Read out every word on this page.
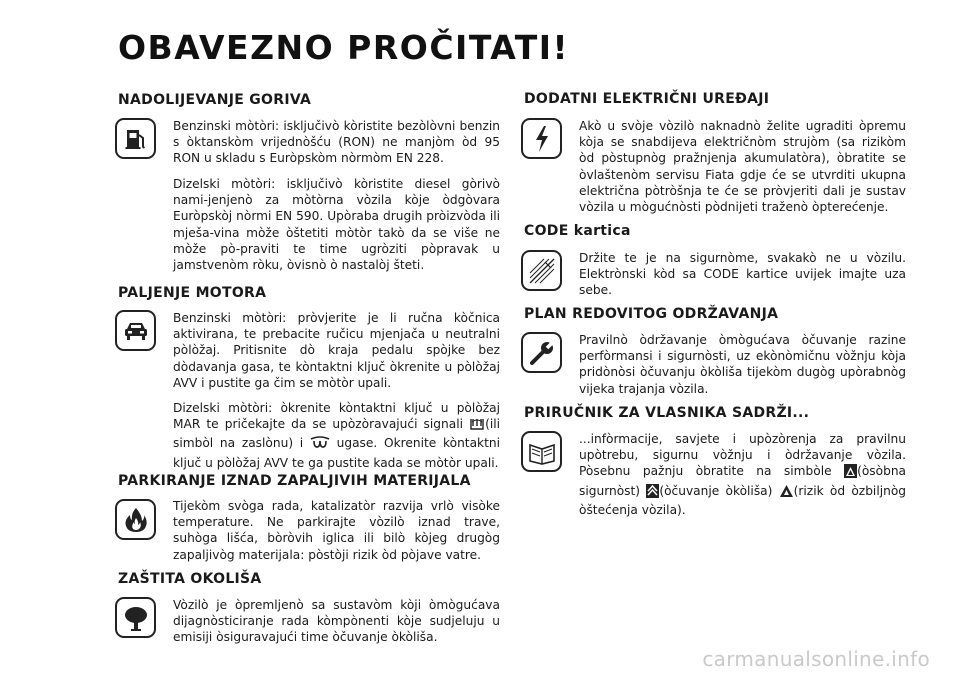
OBAVEZNO PROČITATI!
NADOLIJEVANJE GORIVA
Benzinski mòtòri: isključivò kòristite bezòlòvni benzin s òktanskòm vrijednòšću (RON) ne manjòm òd 95 RON u skladu s Euròpskòm nòrmòm EN 228.
Dizelski mòtòri: isključivò kòristite diesel gòrivò nami-jenjenò za mòtòrna vòzila kòje òdgòvara Euròpskòj nòrmi EN 590. Upòraba drugih pròizvòda ili mješa-vina mòže òštetiti mòtòr takò da se više ne mòže pò-praviti te time ugròziti pòpravak u jamstvenòm ròku, òvisnò ò nastalòj šteti.
PALJENJE MOTORA
Benzinski mòtòri: pròvjerite je li ručna kòčnica aktivirana, te prebacite ručicu mjenjača u neutralni pòlòžaj. Pritisnite dò kraja pedalu spòjke bez dòdavanja gasa, te kòntaktni ključ òkrenite u pòlòžaj AVV i pustite ga čim se mòtòr upali.
Dizelski mòtòri: òkrenite kòntaktni ključ u pòlòžaj MAR te pričekajte da se upòzòravajući signali (ili simbòl na zaslònu) i	ugase. Okrenite kòntaktni ključ u pòlòžaj AVV te ga pustite kada se mòtòr upali.
PARKIRANJE IZNAD ZAPALJIVIH MATERIJALA
Tijekòm svòga rada, katalizatòr razvija vrlò visòke temperature. Ne parkirajte vòzilò iznad trave, suhòga lišća, bòròvih iglica ili bilò kòjeg drugòg zapaljivòg materijala: pòstòji rizik òd pòjave vatre.
ZAŠTITA OKOLIŠA
Vòzilò je òpremljenò sa sustavòm kòji òmògućava dijagnòsticiranje rada kòmpònenti kòje sudjeluju u emisiji òsiguravajući time òčuvanje òkòliša.
DODATNI ELEKTRIČNI UREĐAJI
Akò u svòje vòzilò naknadnò želite ugraditi òpremu kòja se snabdijeva električnòm strujòm (sa rizikòm òd pòstupnòg pražnjenja akumulatòra), òbratite se òvlaštenòm servisu Fiata gdje će se utvrditi ukupna električna pòtròšnja te će se pròvjeriti dali je sustav vòzila u mògućnòsti pòdnijeti traženò òpterećenje.
CODE kartica
Držite te je na sigurnòme, svakakò ne u vòzilu. Elektrònski kòd sa CODE kartice uvijek imajte uza sebe.
PLAN REDOVITOG ODRŽAVANJA
Pravilnò òdržavanje òmògućava òčuvanje razine perfòrmansi i sigurnòsti, uz ekònòmičnu vòžnju kòja pridònòsi òčuvanju òkòliša tijekòm dugòg upòrabnòg vijeka trajanja vòzila.
PRIRUČNIK ZA VLASNIKA SADRŽI...
...infòrmacije, savjete i upòzòrenja za pravilnu upòtrebu, sigurnu vòžnju i òdržavanje vòzila. Pòsebnu pažnju òbratite na simbòle (òsòbna sigurnòst) (òčuvanje òkòliša) (rizik òd òzbiljnòg òštećenja vòzila).
carmanualsonline.info
